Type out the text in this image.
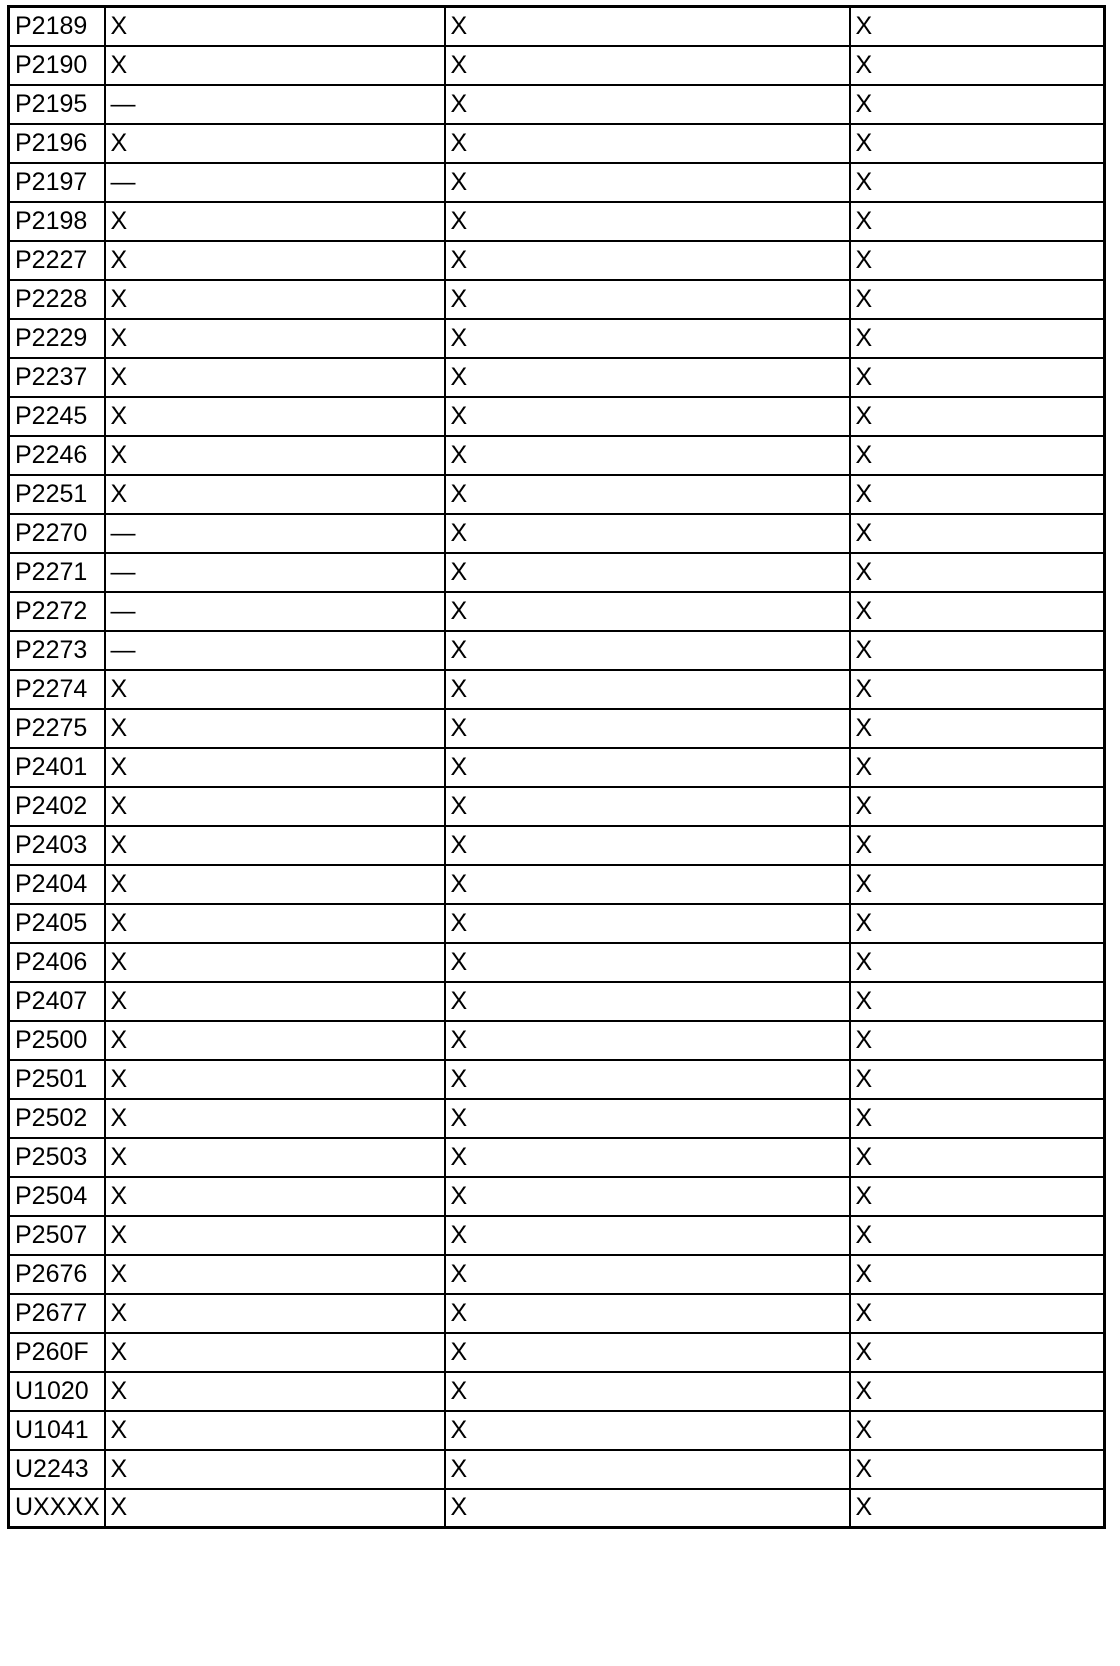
P2189	X	X	X
P2190	X	X	X
P2195	—	X	X
P2196	X	X	X
P2197	—	X	X
P2198	X	X	X
P2227	X	X	X
P2228	X	X	X
P2229	X	X	X
P2237	X	X	X
P2245	X	X	X
P2246	X	X	X
P2251	X	X	X
P2270	—	X	X
P2271	—	X	X
P2272	—	X	X
P2273	—	X	X
P2274	X	X	X
P2275	X	X	X
P2401	X	X	X
P2402	X	X	X
P2403	X	X	X
P2404	X	X	X
P2405	X	X	X
P2406	X	X	X
P2407	X	X	X
P2500	X	X	X
P2501	X	X	X
P2502	X	X	X
P2503	X	X	X
P2504	X	X	X
P2507	X	X	X
P2676	X	X	X
P2677	X	X	X
P260F	X	X	X
U1020	X	X	X
U1041	X	X	X
U2243	X	X	X
UXXXX	X	X	X
